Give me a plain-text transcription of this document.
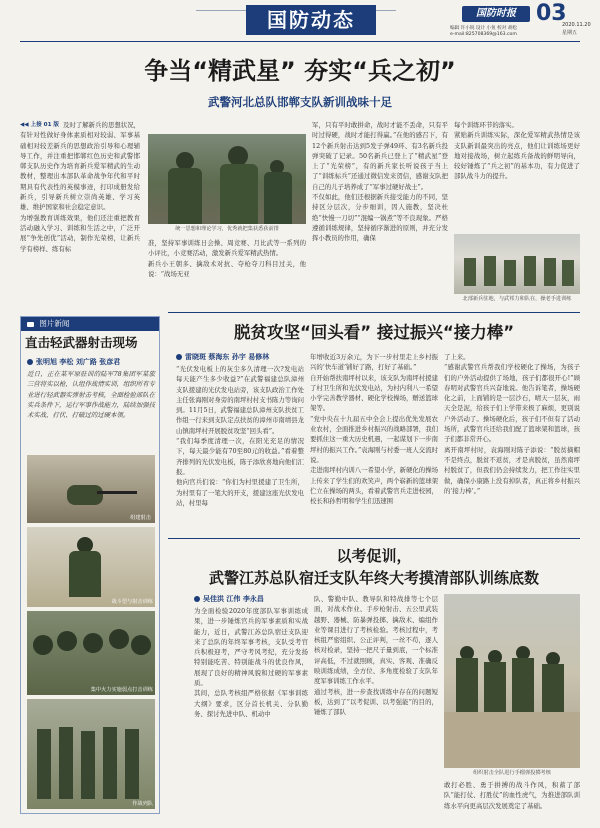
国防动态	国防时报 03
2020.11.20
星期五
编辑 许小锐 设计 小鱼 校对 胡松
e-mail:825708369@163.com
争当“精武星” 夯实“兵之初”
武警河北总队邯郸支队新训战味十足
◀◀ 上接 01 版 及时了解新兵的思想状况，有针对性做好身体素质相对较弱、军事基础相对较差新兵的思想政治引导和心理辅导工作，并注重把邯郸红色历史和武警邯郸支队历史作为培育新兵爱军精武的生动教材，整理出本部队革命战争年代和平时期具有代表性的英模事迹，打印成册发给新兵，引导新兵树立崇尚英雄、学习英雄、维护国家和社会稳定意识。
为增强教育训练效果，他们还注重把教育活动融入学习、训练和生活之中，广泛开展“争先创优”活动，制作光荣榜，让新兵学有榜样、练有标
统一思想和理论学习，优秀就把集获悉获前排
准，坚持军事训练日会操、周竞赛、月比武等一系列的小评比，小竞赛活动，激发新兵爱军精武热情。
新兵小王朝多、擒敌术对抗、夺枪夺刀科目过关，他说：“战场无亚
军，只有平时敢拼命，战时才能不丢命，只有平时过得硬，战时才能打得赢。”在他的感召下，有12个新兵射击达到5发子弹49环、有3名新兵投弹突破了记录。50名新兵已登上了“精武星”登上了“光荣榜”，有的新兵家长听说孩子当上了“训练标兵”还通过微信发来贺信，感谢支队把自己的儿子培养成了“军事过硬好战士”。
不仅如此，他们还根据新兵接受能力的不同，坚持区分层次，分步细训，因人施教，坚决杜绝“快慢一刀切”“混编一锅煮”等不良现象。严格遵循训练规律，坚持循序渐进的原则，并充分发挥小教员的作用，确保
每个训练环节的落实。
紧贴新兵训练实际，深化爱军精武热情是该支队新训最突出的亮点，他们让训练场更好地对接战场，树立起练兵备战的鲜明导向，较好锤炼了“兵之初”的基本功，有力促进了部队战斗力的提升。
北部新兵驻地，与武邦力和队在，操老手进训练
图片新闻
直击轻武器射击现场
张明旭 李松 刘广路 张彦君
近日，正在某军原驻训的陆军78集团军某旅三营将实以枪，认组作战情实训，组织所有专业进行轻武器实弹射击考核，全面检验部队在实兵条件下，运行军事作战能力，陆续加强技术实战，打伏、打破过的过硬本领。
组建射击
战斗型与射击训练
集中火力实施弱点打击训练
作战列队
脱贫攻坚“回头看” 接过振兴“接力棒”
雷晓斑 蔡海东 孙宇 易修林
“光伏发电板上的灰尘多久清理一次?发电站每天能产生多少收益?”在武警福建总队漳州支队援建的光伏发电站旁，该支队政治工作处主任张海刚对身旁的南坪村村支书陈力等询问到。11月5日，武警福建总队漳州支队扶贫工作组一行来到支队定点扶贫的漳州市南靖县龙山镇南坪村开展脱贫攻坚“回头看”。
“我们每季度清理一次，在阳光充足的情况下，每天最少能有70至80元的收益。”看着整齐排列的光伏发电板，陈子添欣喜地向他们汇报。
他向官兵们说：“你们为村里援建了卫生所，为村里有了一笔大的开支，援建这座光伏发电站，村里每
年增收近3万余元，为下一步村里走上乡村振兴的‘快车道’铺好了路，打好了基础。”
自开始帮扶南坪村以来，该支队为南坪村援建了村卫生所和光伏发电站，为村内利八一希望小学完善教学器材、硬化学校操场，赠送篮球架等。
“党中央在十九届五中全会上提出优先发展农业农村，全面推进乡村振兴的战略部署，我们要抓住这一重大历史机遇，一起谋划下一步南坪村的振兴工作。”袁海刚与村委一班人交流时说。
走进南坪村内训八一希望小学，新硬化的操场上传来了学生们的欢笑声，两个崭新的篮球架伫立在操场的两头，看着武警官兵走进校园，校长和孙哲明和学生们迅速围
了上来。
“感谢武警官兵帮我们学校硬化了操场，为孩子们的户外活动提供了场地，孩子们都很开心!”顾春明对武警官兵兴奋地说。他告诉笔者，操场硬化之前，上面铺的是一层沙石，晴天一层灰，雨天全是泥，给孩子们上学带来极了麻烦，更别说户外活动了。操场硬化后，孩子们不但有了活动场所，武警官兵还给我们配了篮球架和篮球，孩子们都非常开心。
离开南坪村时，袁海刚对陈子添说：“脱贫摘帽不是终点，脱贫不返贫，才是真脱贫，虽然南坪村脱贫了，但我们仍会持续发力，把工作往实里做，确保小康路上没有掉队者，真正将乡村振兴的‘接力棒’。”
以考促训，
武警江苏总队宿迁支队年终大考摸清部队训练底数
吴佳洪 江伟 李永昌
为全面检验2020年度部队军事训练成果，进一步锤炼官兵的军事素质和实战能力，近日，武警江苏总队宿迁支队迎来了总队的年终军事考核，支队受考官兵积极迎考，严守考风考纪，充分发扬特别能吃苦、特别能战斗的优良作风，展现了良好的精神风貌和过硬的军事素质。
其间，总队考核组严格依据《军事训练大纲》要求，区分首长机关、分队勤务、探讨先进中队、机动中
队、警勤中队、教导队和特战排等七个层面，对战术作业、手步枪射击、五公里武装越野、器械、防暴弹投掷、擒敌术、编组作业等课目进行了考核检验。考核过程中，考核组严密组织、公正评判，一丝不苟，逐人核对检录，坚持一把尺子量到底，一个标准评高低，不过就照顾，真实、客观、准确反映训练成绩，全方位、多角度检验了支队年度军事训练工作水平。
通过考核，进一步查找训练中存在的问题短板，达到了“以考促训、以考强能”的目的，锤炼了部队
组织射击全队进行手榴弹投掷考核
敢打必胜、勇于拼搏的战斗作风，积蓄了部队“能打仗、打胜仗”的血性虎气，为推进部队训练水平向更高层次发展奠定了基础。
